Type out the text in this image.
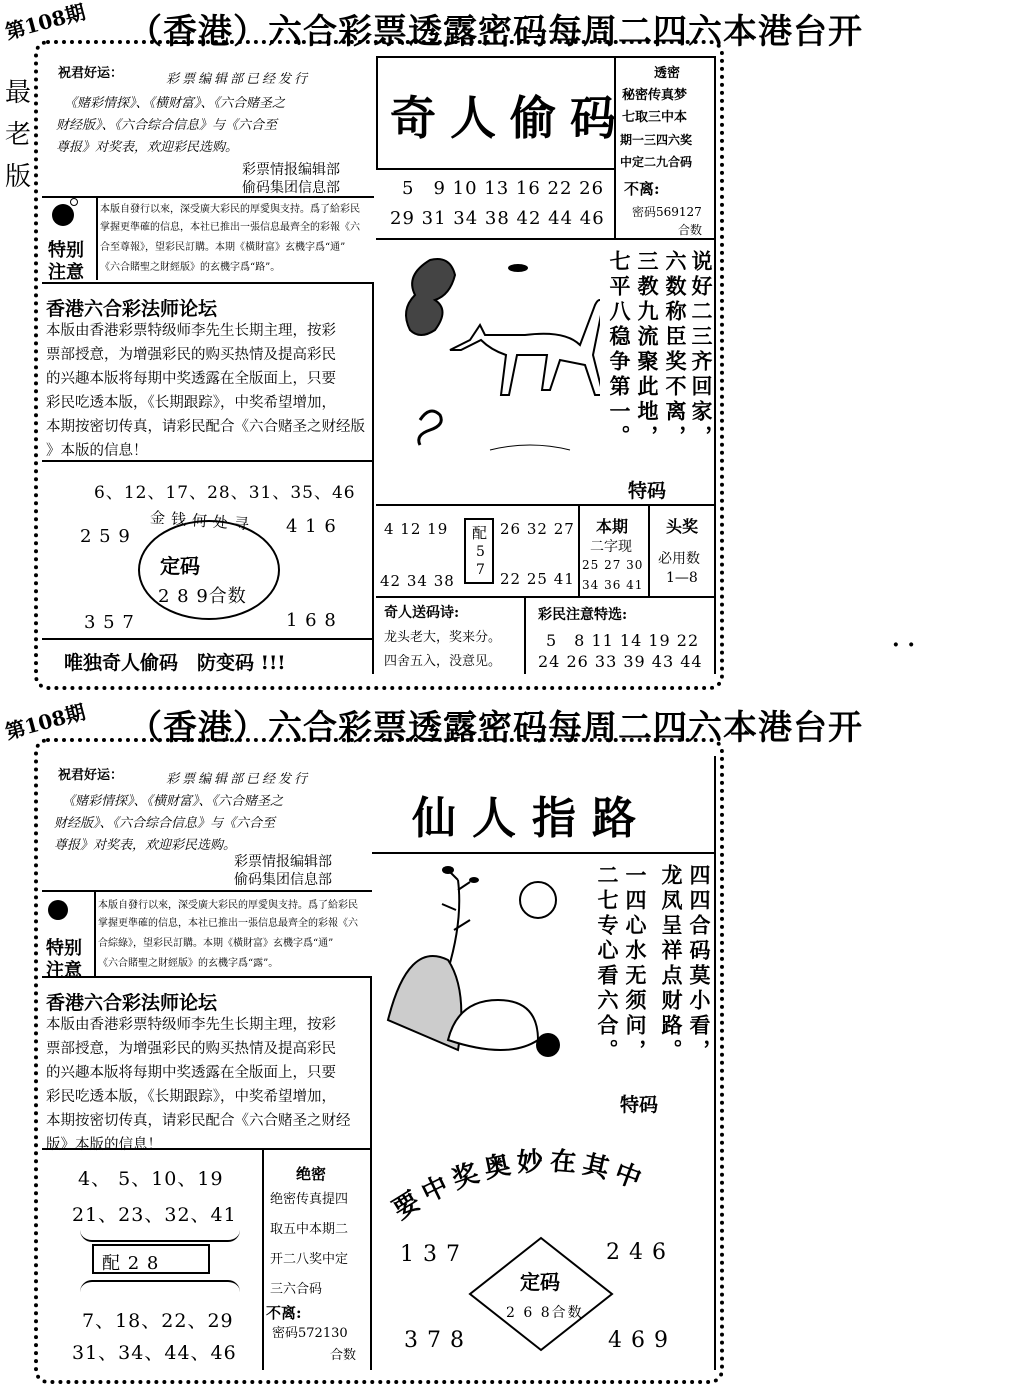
第108期 （香港）六合彩票透露密码每周二四六本港台开
最老版
祝君好运：	彩票编辑部已经发行
《赌彩情探》、《横财富》、《六合赌圣之
财经版》、《六合综合信息》与《六合至
尊报》对奖表，欢迎彩民选购。
彩票情报编辑部
偷码集团信息部
特别
注意
本版自發行以來，深受廣大彩民的厚愛與支持。爲了給彩民
掌握更準確的信息，本社已推出一張信息最齊全的彩報《六
合至尊報》，望彩民訂購。本期《橫財富》玄機字爲“通”
《六合賭聖之財經版》的玄機字爲“路”。
香港六合彩法师论坛
本版由香港彩票特级师李先生长期主理，按彩
票部授意，为增强彩民的购买热情及提高彩民
的兴趣本版将每期中奖透露在全版面上，只要
彩民吃透本版，《长期跟踪》，中奖希望增加，
本期按密切传真，请彩民配合《六合赌圣之财经版
》本版的信息！
6、12、17、28、31、35、46
金钱何处寻
2 5 9	4 1 6
定码
2 8 9合数
3 5 7	1 6 8
唯独奇人偷码　防变码 !!!
奇人偷码
5　9 10 13 16 22 26
29 31 34 38 42 44 46
透密
秘密传真梦
七取三中本
期一三四六奖
中定二九合码
不离:
密码569127
合数
说好二三齐回家，
六数称臣奖不离，
三教九流聚此地，
七平八稳争第一。
特码
4 12 19
42 34 38
配
5
7
26 32 27
22 25 41
本期
二字现
25 27 30
34 36 41
头奖
必用数
1—8
奇人送码诗:
龙头老大，奖来分。
四舍五入，没意见。
彩民注意特选:
5　8 11 14 19 22
24 26 33 39 43 44
· ·
第108期 （香港）六合彩票透露密码每周二四六本港台开
祝君好运：	彩票编辑部已经发行
《赌彩情探》、《横财富》、《六合赌圣之
财经版》、《六合综合信息》与《六合至
尊报》对奖表，欢迎彩民选购。
彩票情报编辑部
偷码集团信息部
特别
注意
本版自發行以來，深受廣大彩民的厚愛與支持。爲了給彩民
掌握更準確的信息，本社已推出一張信息最齊全的彩報《六
合綜綠》，望彩民訂購。本期《橫財富》玄機字爲“通”
《六合賭聖之財經版》的玄機字爲“露”。
香港六合彩法师论坛
本版由香港彩票特级师李先生长期主理，按彩
票部授意，为增强彩民的购买热情及提高彩民
的兴趣本版将每期中奖透露在全版面上，只要
彩民吃透本版，《长期跟踪》，中奖希望增加，
本期按密切传真，请彩民配合《六合赌圣之财经
版》本版的信息！
4、 5、10、19
21、23、32、41
配 2 8
7、18、22、29
31、34、44、46
绝密
绝密传真提四
取五中本期二
开二八奖中定
三六合码
不离:
密码572130
合数
仙人指路
四四合码莫小看，
龙凤呈祥点财路。
一四心水无须问，
二七专心看六合。
特码
要中奖奥妙在其中
1 3 7	2 4 6
定码
2 6 8合数
3 7 8	4 6 9
